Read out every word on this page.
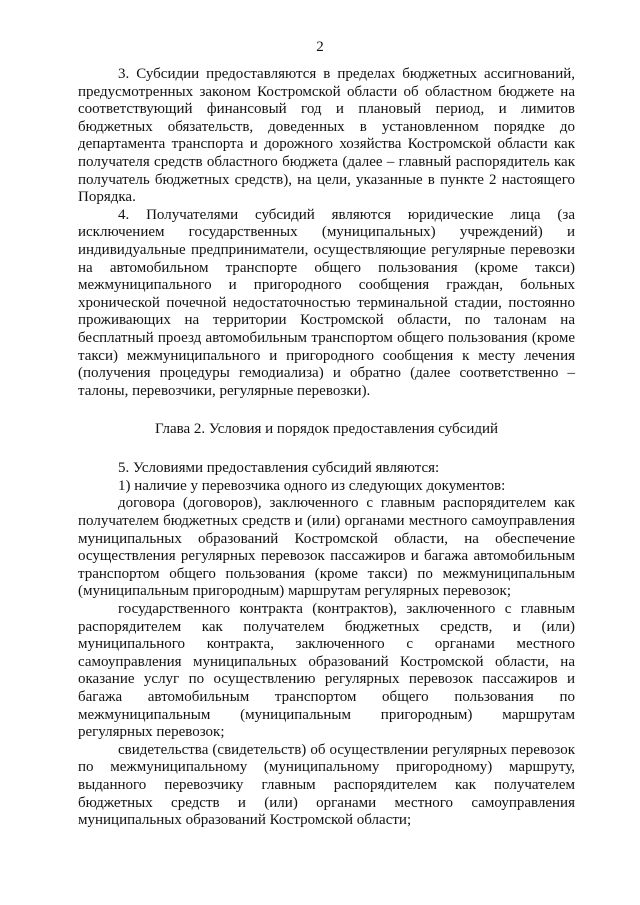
2

3. Субсидии предоставляются в пределах бюджетных ассигнований, предусмотренных законом Костромской области об областном бюджете на соответствующий финансовый год и плановый период, и лимитов бюджетных обязательств, доведенных в установленном порядке до департамента транспорта и дорожного хозяйства Костромской области как получателя средств областного бюджета (далее – главный распорядитель как получатель бюджетных средств), на цели, указанные в пункте 2 настоящего Порядка.

4. Получателями субсидий являются юридические лица (за исключением государственных (муниципальных) учреждений) и индивидуальные предприниматели, осуществляющие регулярные перевозки на автомобильном транспорте общего пользования (кроме такси) межмуниципального и пригородного сообщения граждан, больных хронической почечной недостаточностью терминальной стадии, постоянно проживающих на территории Костромской области, по талонам на бесплатный проезд автомобильным транспортом общего пользования (кроме такси) межмуниципального и пригородного сообщения к месту лечения (получения процедуры гемодиализа) и обратно (далее соответственно – талоны, перевозчики, регулярные перевозки).

Глава 2. Условия и порядок предоставления субсидий

5. Условиями предоставления субсидий являются:

1) наличие у перевозчика одного из следующих документов:

договора (договоров), заключенного с главным распорядителем как получателем бюджетных средств и (или) органами местного самоуправления муниципальных образований Костромской области, на обеспечение осуществления регулярных перевозок пассажиров и багажа автомобильным транспортом общего пользования (кроме такси) по межмуниципальным (муниципальным пригородным) маршрутам регулярных перевозок;

государственного контракта (контрактов), заключенного с главным распорядителем как получателем бюджетных средств, и (или) муниципального контракта, заключенного с органами местного самоуправления муниципальных образований Костромской области, на оказание услуг по осуществлению регулярных перевозок пассажиров и багажа автомобильным транспортом общего пользования по межмуниципальным (муниципальным пригородным) маршрутам регулярных перевозок;

свидетельства (свидетельств) об осуществлении регулярных перевозок по межмуниципальному (муниципальному пригородному) маршруту, выданного перевозчику главным распорядителем как получателем бюджетных средств и (или) органами местного самоуправления муниципальных образований Костромской области;
